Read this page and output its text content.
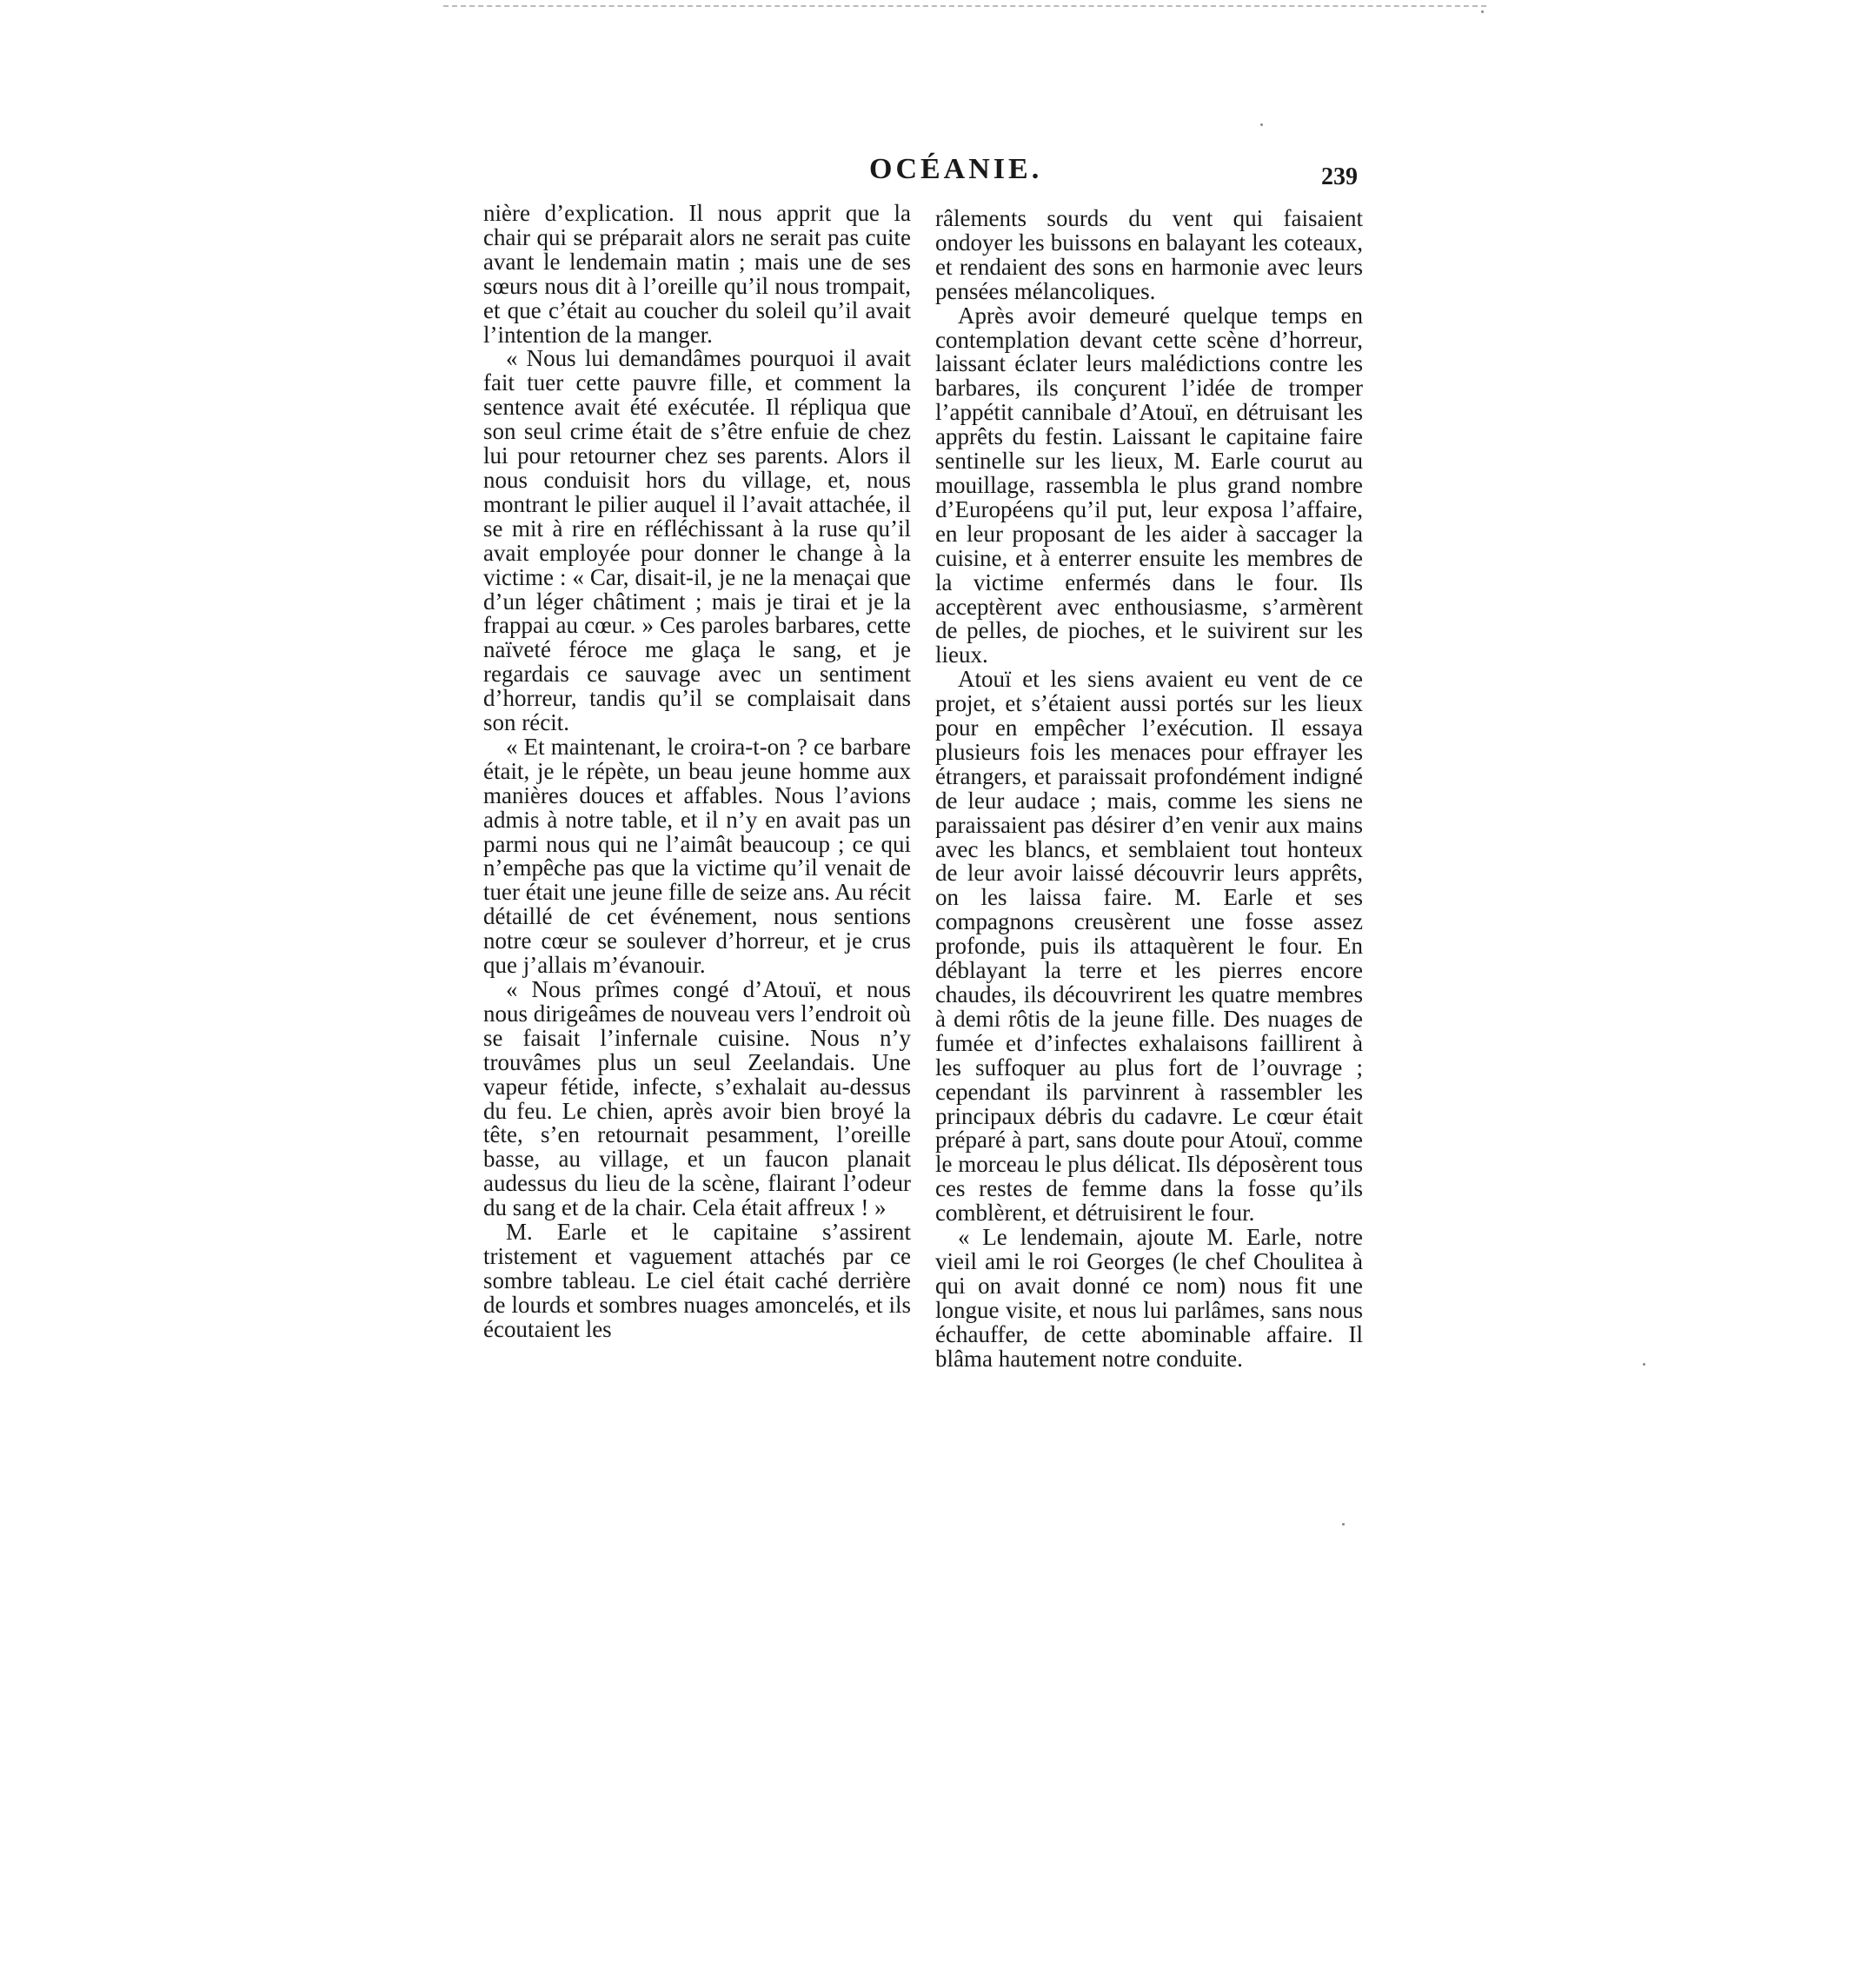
OCÉANIE.	239

nière d’explication. Il nous apprit que la chair qui se préparait alors ne serait pas cuite avant le lendemain matin ; mais une de ses sœurs nous dit à l’oreille qu’il nous trompait, et que c’était au coucher du soleil qu’il avait l’intention de la manger.

« Nous lui demandâmes pourquoi il avait fait tuer cette pauvre fille, et comment la sentence avait été exécutée. Il répliqua que son seul crime était de s’être enfuie de chez lui pour retourner chez ses parents. Alors il nous conduisit hors du village, et, nous montrant le pilier auquel il l’avait attachée, il se mit à rire en réfléchissant à la ruse qu’il avait employée pour donner le change à la victime : « Car, disait-il, je ne la menaçai que d’un léger châtiment ; mais je tirai et je la frappai au cœur. » Ces paroles barbares, cette naïveté féroce me glaça le sang, et je regardais ce sauvage avec un sentiment d’horreur, tandis qu’il se complaisait dans son récit.

« Et maintenant, le croira-t-on ? ce barbare était, je le répète, un beau jeune homme aux manières douces et affables. Nous l’avions admis à notre table, et il n’y en avait pas un parmi nous qui ne l’aimât beaucoup ; ce qui n’empêche pas que la victime qu’il venait de tuer était une jeune fille de seize ans. Au récit détaillé de cet événement, nous sentions notre cœur se soulever d’horreur, et je crus que j’allais m’évanouir.

« Nous prîmes congé d’Atouï, et nous nous dirigeâmes de nouveau vers l’endroit où se faisait l’infernale cuisine. Nous n’y trouvâmes plus un seul Zeelandais. Une vapeur fétide, infecte, s’exhalait au-dessus du feu. Le chien, après avoir bien broyé la tête, s’en retournait pesamment, l’oreille basse, au village, et un faucon planait audessus du lieu de la scène, flairant l’odeur du sang et de la chair. Cela était affreux ! »

M. Earle et le capitaine s’assirent tristement et vaguement attachés par ce sombre tableau. Le ciel était caché derrière de lourds et sombres nuages amoncelés, et ils écoutaient les

râlements sourds du vent qui faisaient ondoyer les buissons en balayant les coteaux, et rendaient des sons en harmonie avec leurs pensées mélancoliques.

Après avoir demeuré quelque temps en contemplation devant cette scène d’horreur, laissant éclater leurs malédictions contre les barbares, ils conçurent l’idée de tromper l’appétit cannibale d’Atouï, en détruisant les apprêts du festin. Laissant le capitaine faire sentinelle sur les lieux, M. Earle courut au mouillage, rassembla le plus grand nombre d’Européens qu’il put, leur exposa l’affaire, en leur proposant de les aider à saccager la cuisine, et à enterrer ensuite les membres de la victime enfermés dans le four. Ils acceptèrent avec enthousiasme, s’armèrent de pelles, de pioches, et le suivirent sur les lieux.

Atouï et les siens avaient eu vent de ce projet, et s’étaient aussi portés sur les lieux pour en empêcher l’exécution. Il essaya plusieurs fois les menaces pour effrayer les étrangers, et paraissait profondément indigné de leur audace ; mais, comme les siens ne paraissaient pas désirer d’en venir aux mains avec les blancs, et semblaient tout honteux de leur avoir laissé découvrir leurs apprêts, on les laissa faire. M. Earle et ses compagnons creusèrent une fosse assez profonde, puis ils attaquèrent le four. En déblayant la terre et les pierres encore chaudes, ils découvrirent les quatre membres à demi rôtis de la jeune fille. Des nuages de fumée et d’infectes exhalaisons faillirent à les suffoquer au plus fort de l’ouvrage ; cependant ils parvinrent à rassembler les principaux débris du cadavre. Le cœur était préparé à part, sans doute pour Atouï, comme le morceau le plus délicat. Ils déposèrent tous ces restes de femme dans la fosse qu’ils comblèrent, et détruisirent le four.

« Le lendemain, ajoute M. Earle, notre vieil ami le roi Georges (le chef Choulitea à qui on avait donné ce nom) nous fit une longue visite, et nous lui parlâmes, sans nous échauffer, de cette abominable affaire. Il blâma hautement notre conduite.
